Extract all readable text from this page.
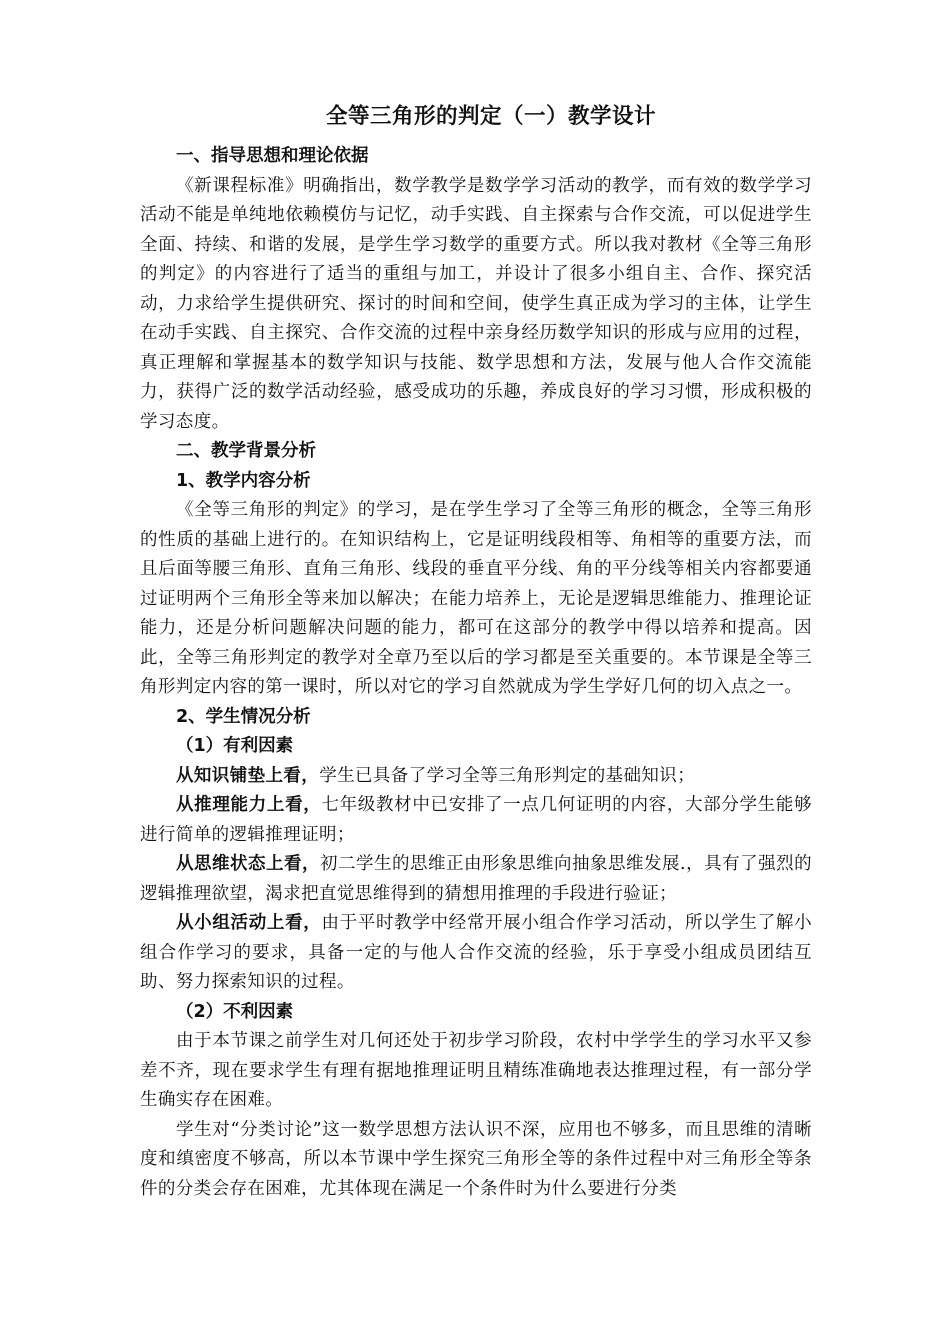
全等三角形的判定（一）教学设计

一、指导思想和理论依据

《新课程标准》明确指出，数学教学是数学学习活动的教学，而有效的数学学习活动不能是单纯地依赖模仿与记忆，动手实践、自主探索与合作交流，可以促进学生全面、持续、和谐的发展，是学生学习数学的重要方式。所以我对教材《全等三角形的判定》的内容进行了适当的重组与加工，并设计了很多小组自主、合作、探究活动，力求给学生提供研究、探讨的时间和空间，使学生真正成为学习的主体，让学生在动手实践、自主探究、合作交流的过程中亲身经历数学知识的形成与应用的过程，真正理解和掌握基本的数学知识与技能、数学思想和方法，发展与他人合作交流能力，获得广泛的数学活动经验，感受成功的乐趣，养成良好的学习习惯，形成积极的学习态度。

二、教学背景分析

1、教学内容分析

《全等三角形的判定》的学习，是在学生学习了全等三角形的概念，全等三角形的性质的基础上进行的。在知识结构上，它是证明线段相等、角相等的重要方法，而且后面等腰三角形、直角三角形、线段的垂直平分线、角的平分线等相关内容都要通过证明两个三角形全等来加以解决；在能力培养上，无论是逻辑思维能力、推理论证能力，还是分析问题解决问题的能力，都可在这部分的教学中得以培养和提高。因此，全等三角形判定的教学对全章乃至以后的学习都是至关重要的。本节课是全等三角形判定内容的第一课时，所以对它的学习自然就成为学生学好几何的切入点之一。

2、学生情况分析

（1）有利因素

从知识铺垫上看，学生已具备了学习全等三角形判定的基础知识；

从推理能力上看，七年级教材中已安排了一点几何证明的内容，大部分学生能够进行简单的逻辑推理证明；

从思维状态上看，初二学生的思维正由形象思维向抽象思维发展.，具有了强烈的逻辑推理欲望，渴求把直觉思维得到的猜想用推理的手段进行验证；

从小组活动上看，由于平时教学中经常开展小组合作学习活动，所以学生了解小组合作学习的要求，具备一定的与他人合作交流的经验，乐于享受小组成员团结互助、努力探索知识的过程。

（2）不利因素

由于本节课之前学生对几何还处于初步学习阶段，农村中学学生的学习水平又参差不齐，现在要求学生有理有据地推理证明且精练准确地表达推理过程，有一部分学生确实存在困难。

学生对“分类讨论”这一数学思想方法认识不深，应用也不够多，而且思维的清晰度和缜密度不够高，所以本节课中学生探究三角形全等的条件过程中对三角形全等条件的分类会存在困难，尤其体现在满足一个条件时为什么要进行分类
